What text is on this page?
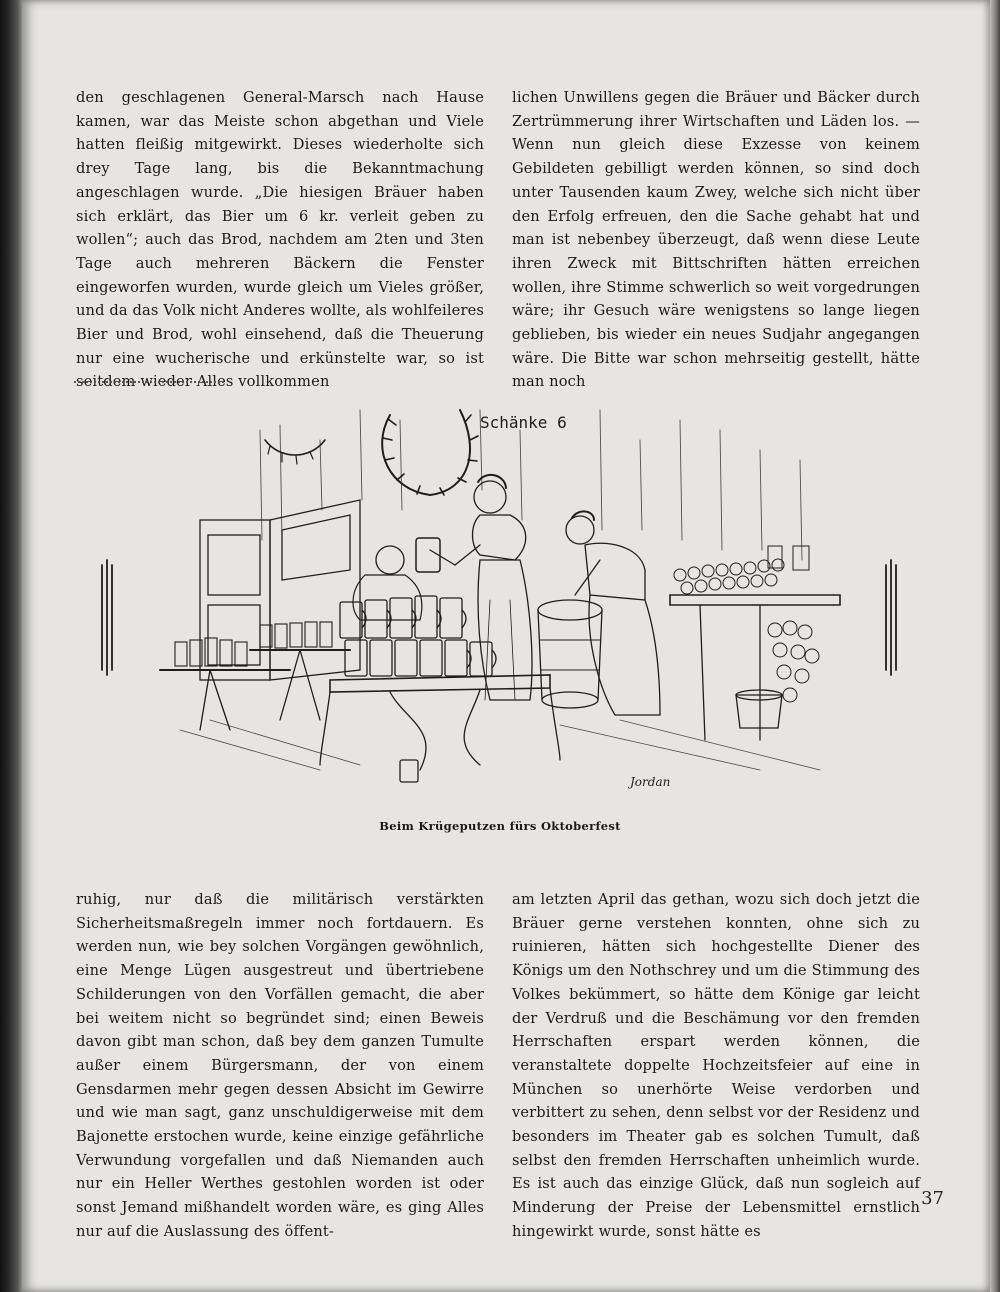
den geschlagenen General-Marsch nach Hause kamen, war das Meiste schon abgethan und Viele hatten fleißig mitgewirkt. Dieses wiederholte sich drey Tage lang, bis die Bekanntmachung angeschlagen wurde. „Die hiesigen Bräuer haben sich erklärt, das Bier um 6 kr. verleit geben zu wollen“; auch das Brod, nachdem am 2ten und 3ten Tage auch mehreren Bäckern die Fenster eingeworfen wurden, wurde gleich um Vieles größer, und da das Volk nicht Anderes wollte, als wohlfeileres Bier und Brod, wohl einsehend, daß die Theuerung nur eine wucherische und erkünstelte war, so ist seitdem wieder Alles vollkommen

lichen Unwillens gegen die Bräuer und Bäcker durch Zertrümmerung ihrer Wirtschaften und Läden los. — Wenn nun gleich diese Exzesse von keinem Gebildeten gebilligt werden können, so sind doch unter Tausenden kaum Zwey, welche sich nicht über den Erfolg erfreuen, den die Sache gehabt hat und man ist nebenbey überzeugt, daß wenn diese Leute ihren Zweck mit Bittschriften hätten erreichen wollen, ihre Stimme schwerlich so weit vorgedrungen wäre; ihr Gesuch wäre wenigstens so lange liegen geblieben, bis wieder ein neues Sudjahr angegangen wäre. Die Bitte war schon mehrseitig gestellt, hätte man noch

Schänke 6
Jordan
Beim Krügeputzen fürs Oktoberfest

ruhig, nur daß die militärisch verstärkten Sicherheitsmaßregeln immer noch fortdauern. Es werden nun, wie bey solchen Vorgängen gewöhnlich, eine Menge Lügen ausgestreut und übertriebene Schilderungen von den Vorfällen gemacht, die aber bei weitem nicht so begründet sind; einen Beweis davon gibt man schon, daß bey dem ganzen Tumulte außer einem Bürgersmann, der von einem Gensdarmen mehr gegen dessen Absicht im Gewirre und wie man sagt, ganz unschuldigerweise mit dem Bajonette erstochen wurde, keine einzige gefährliche Verwundung vorgefallen und daß Niemanden auch nur ein Heller Werthes gestohlen worden ist oder sonst Jemand mißhandelt worden wäre, es ging Alles nur auf die Auslassung des öffent-

am letzten April das gethan, wozu sich doch jetzt die Bräuer gerne verstehen konnten, ohne sich zu ruinieren, hätten sich hochgestellte Diener des Königs um den Nothschrey und um die Stimmung des Volkes bekümmert, so hätte dem Könige gar leicht der Verdruß und die Beschämung vor den fremden Herrschaften erspart werden können, die veranstaltete doppelte Hochzeitsfeier auf eine in München so unerhörte Weise verdorben und verbittert zu sehen, denn selbst vor der Residenz und besonders im Theater gab es solchen Tumult, daß selbst den fremden Herrschaften unheimlich wurde. Es ist auch das einzige Glück, daß nun sogleich auf Minderung der Preise der Lebensmittel ernstlich hingewirkt wurde, sonst hätte es

37
